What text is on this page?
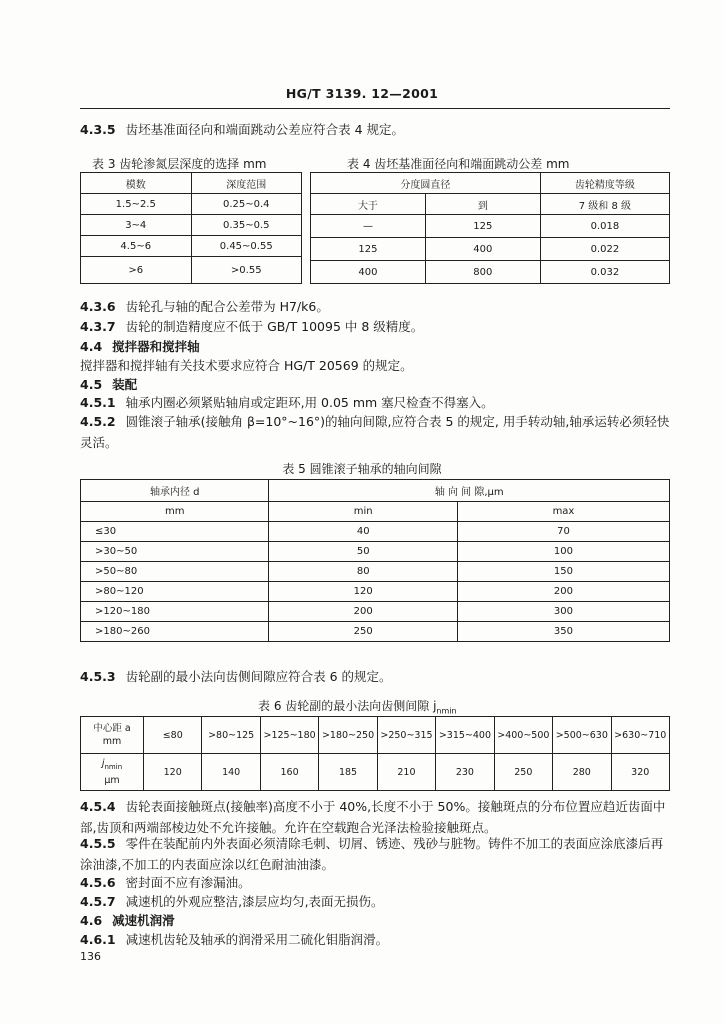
HG/T 3139. 12—2001
4.3.5 齿坯基准面径向和端面跳动公差应符合表 4 规定。
表 3 齿轮渗氮层深度的选择 mm
模数	深度范围
1.5~2.5	0.25~0.4
3~4	0.35~0.5
4.5~6	0.45~0.55
>6	>0.55
表 4 齿坯基准面径向和端面跳动公差 mm
分度圆直径		齿轮精度等级
大于	到	7 级和 8 级
—	125	0.018
125	400	0.022
400	800	0.032
4.3.6 齿轮孔与轴的配合公差带为 H7/k6。
4.3.7 齿轮的制造精度应不低于 GB/T 10095 中 8 级精度。
4.4 搅拌器和搅拌轴
搅拌器和搅拌轴有关技术要求应符合 HG/T 20569 的规定。
4.5 装配
4.5.1 轴承内圈必须紧贴轴肩或定距环,用 0.05 mm 塞尺检查不得塞入。
4.5.2 圆锥滚子轴承(接触角 β=10°~16°)的轴向间隙,应符合表 5 的规定, 用手转动轴,轴承运转必须轻快灵活。
表 5 圆锥滚子轴承的轴向间隙
轴承内径 d	轴 向 间 隙,μm	
mm	min	max
≤30	40	70
>30~50	50	100
>50~80	80	150
>80~120	120	200
>120~180	200	300
>180~260	250	350
4.5.3 齿轮副的最小法向齿侧间隙应符合表 6 的规定。
表 6 齿轮副的最小法向齿侧间隙 $j_{nmin}$
中心距 a
mm	≤80	>80~125	>125~180	>180~250	>250~315	>315~400	>400~500	>500~630	>630~710
$j_{nmin}$
μm	120	140	160	185	210	230	250	280	320
4.5.4 齿轮表面接触斑点(接触率)高度不小于 40%,长度不小于 50%。接触斑点的分布位置应趋近齿面中部,齿顶和两端部棱边处不允许接触。允许在空载跑合光泽法检验接触斑点。
4.5.5 零件在装配前内外表面必须清除毛刺、切屑、锈迹、残砂与脏物。铸件不加工的表面应涂底漆后再涂油漆,不加工的内表面应涂以红色耐油油漆。
4.5.6 密封面不应有渗漏油。
4.5.7 减速机的外观应整洁,漆层应均匀,表面无损伤。
4.6 减速机润滑
4.6.1 减速机齿轮及轴承的润滑采用二硫化钼脂润滑。
136
